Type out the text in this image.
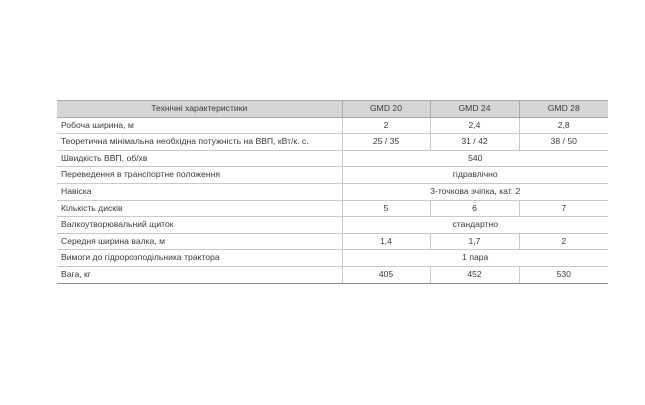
Технічні характеристики	GMD 20	GMD 24	GMD 28
Робоча ширина, м	2	2,4	2,8
Теоретична мінімальна необхідна потужність на ВВП, кВт/к. с.	25 / 35	31 / 42	38 / 50
Швидкість ВВП, об/хв	540		
Переведення в транспортне положення	гідравлічно		
Навіска	3-точкова зчіпка, кат. 2		
Кількість дисків	5	6	7
Валкоутворювальний щиток	стандартно		
Середня ширина валка, м	1,4	1,7	2
Вимоги до гідророзподільника трактора	1 пара		
Вага, кг	405	452	530
